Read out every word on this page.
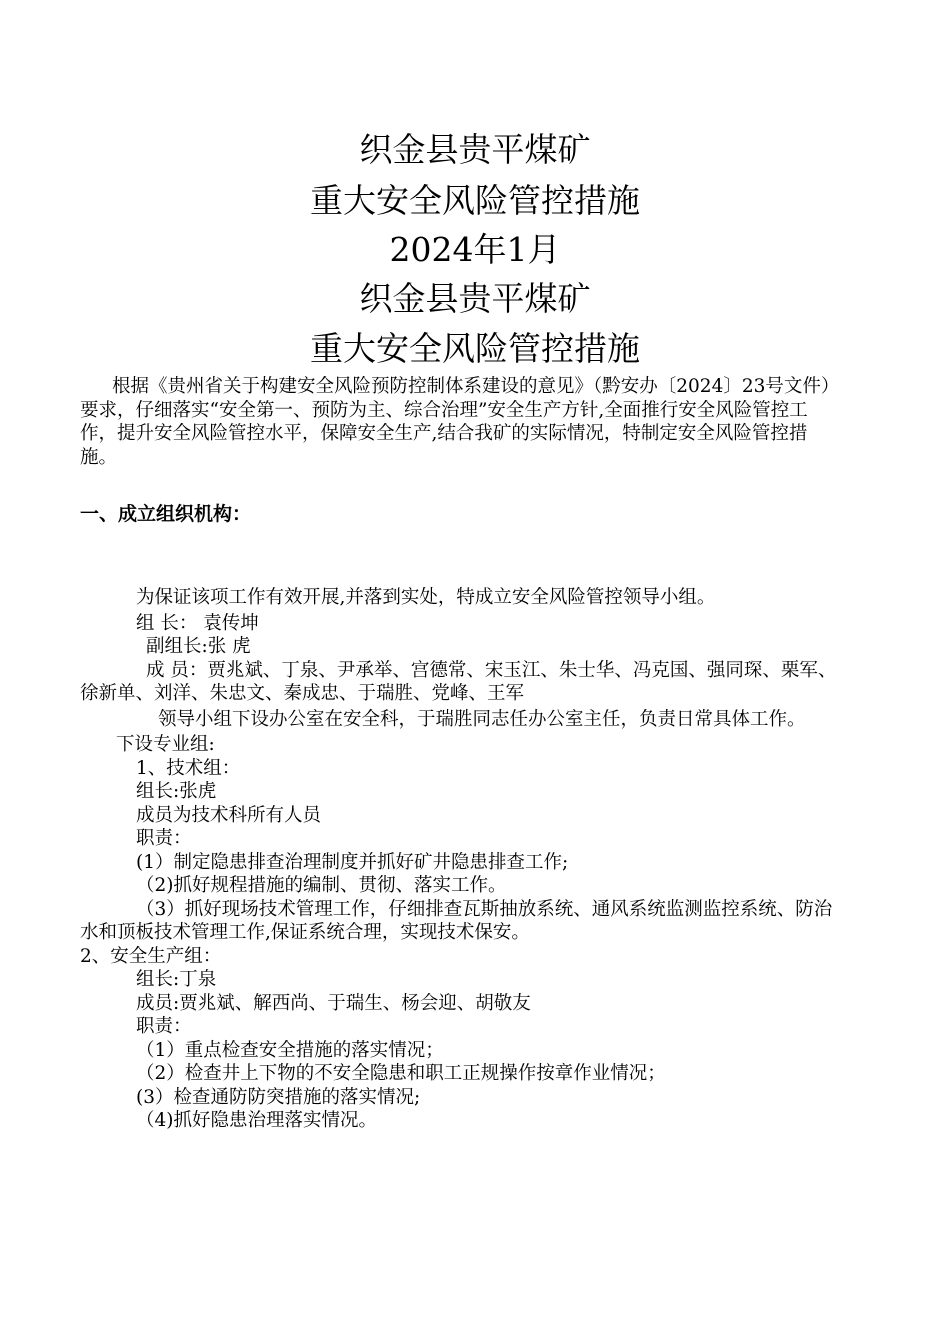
织金县贵平煤矿
重大安全风险管控措施
2024年1月
织金县贵平煤矿
重大安全风险管控措施

根据《贵州省关于构建安全风险预防控制体系建设的意见》（黔安办〔2024〕23号文件）要求，仔细落实“安全第一、预防为主、综合治理”安全生产方针,全面推行安全风险管控工作，提升安全风险管控水平，保障安全生产,结合我矿的实际情况，特制定安全风险管控措施。

一、成立组织机构：

为保证该项工作有效开展,并落到实处，特成立安全风险管控领导小组。

组 长： 袁传坤

副组长:张 虎

成 员：贾兆斌、丁泉、尹承举、宫德常、宋玉江、朱士华、冯克国、强同琛、栗军、徐新单、刘洋、朱忠文、秦成忠、于瑞胜、党峰、王军

领导小组下设办公室在安全科，于瑞胜同志任办公室主任，负责日常具体工作。

下设专业组:

1、技术组：

组长:张虎

成员为技术科所有人员

职责：

(1）制定隐患排查治理制度并抓好矿井隐患排查工作;

（2)抓好规程措施的编制、贯彻、落实工作。

（3）抓好现场技术管理工作，仔细排查瓦斯抽放系统、通风系统监测监控系统、防治水和顶板技术管理工作,保证系统合理，实现技术保安。

2、安全生产组：

组长:丁泉

成员:贾兆斌、解西尚、于瑞生、杨会迎、胡敬友

职责：

（1）重点检查安全措施的落实情况；

（2）检查井上下物的不安全隐患和职工正规操作按章作业情况；

(3）检查通防防突措施的落实情况;

（4)抓好隐患治理落实情况。
